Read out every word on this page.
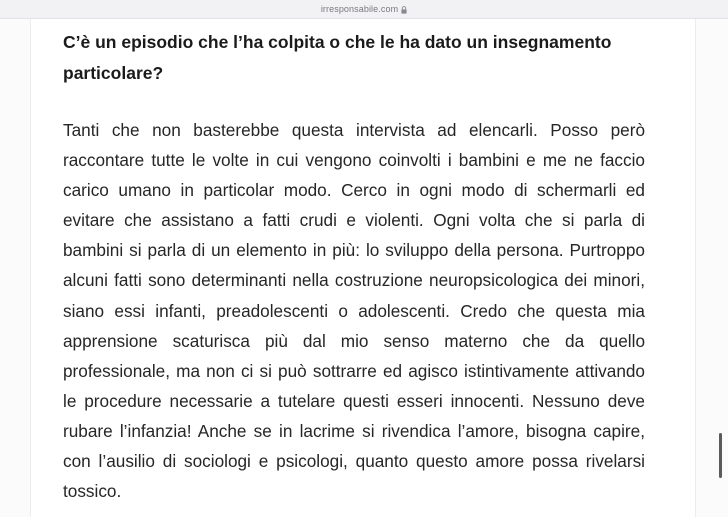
irresponsabile.com

C’è un episodio che l’ha colpita o che le ha dato un insegnamento particolare?

Tanti che non basterebbe questa intervista ad elencarli. Posso però raccontare tutte le volte in cui vengono coinvolti i bambini e me ne faccio carico umano in particolar modo. Cerco in ogni modo di schermarli ed evitare che assistano a fatti crudi e violenti. Ogni volta che si parla di bambini si parla di un elemento in più: lo sviluppo della persona. Purtroppo alcuni fatti sono determinanti nella costruzione neuropsicologica dei minori, siano essi infanti, preadolescenti o adolescenti. Credo che questa mia apprensione scaturisca più dal mio senso materno che da quello professionale, ma non ci si può sottrarre ed agisco istintivamente attivando le procedure necessarie a tutelare questi esseri innocenti. Nessuno deve rubare l’infanzia! Anche se in lacrime si rivendica l’amore, bisogna capire, con l’ausilio di sociologi e psicologi, quanto questo amore possa rivelarsi tossico.
